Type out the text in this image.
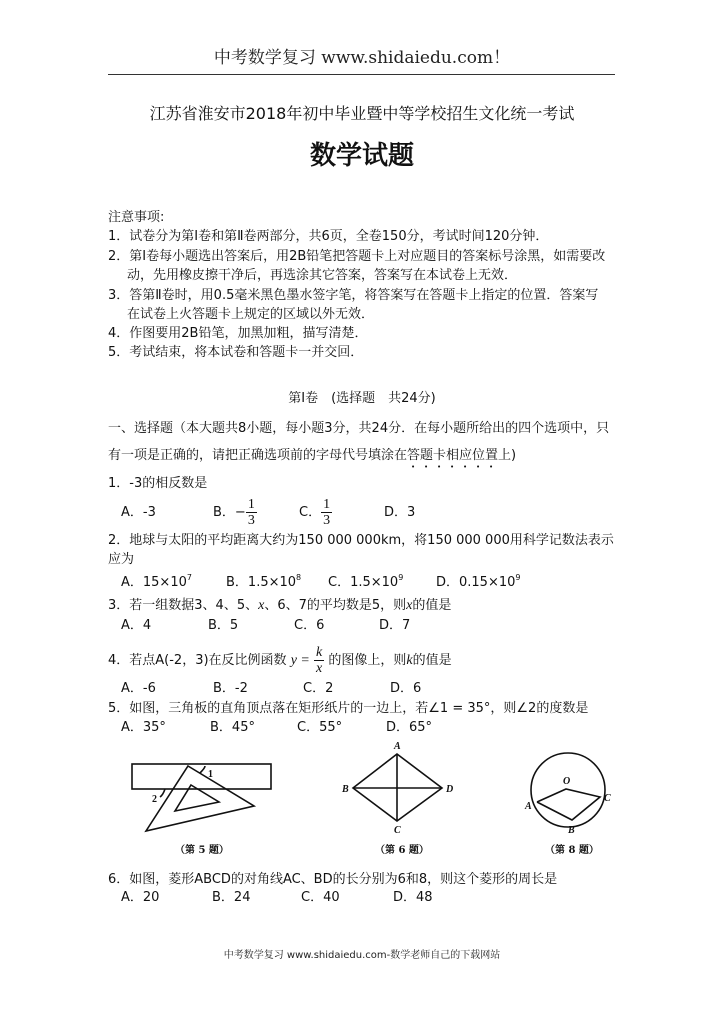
中考数学复习 www.shidaiedu.com！
江苏省淮安市2018年初中毕业暨中等学校招生文化统一考试
数学试题
注意事项:
1．试卷分为第Ⅰ卷和第Ⅱ卷两部分，共6页，全卷150分，考试时间120分钟．
2．第Ⅰ卷每小题选出答案后，用2B铅笔把答题卡上对应题目的答案标号涂黑，如需要改
动，先用橡皮擦干净后，再选涂其它答案，答案写在本试卷上无效．
3．答第Ⅱ卷时，用0.5毫米黑色墨水签字笔，将答案写在答题卡上指定的位置．答案写
在试卷上火答题卡上规定的区域以外无效．
4．作图要用2B铅笔，加黑加粗，描写清楚．
5．考试结束，将本试卷和答题卡一并交回．
第Ⅰ卷　(选择题　共24分)
一、选择题（本大题共8小题，每小题3分，共24分．在每小题所给出的四个选项中，只
有一项是正确的，请把正确选项前的字母代号填涂在答题卡相应位置上)
1．-3的相反数是
A．-3	B．− $\frac{1}{3}$	C． $\frac{1}{3}$	D．3
2．地球与太阳的平均距离大约为150 000 000km，将150 000 000用科学记数法表示
应为
A．$15\times 10^7$	B．$1.5\times 10^8$ C．$1.5\times 10^9$	D．$0.15\times 10^9$
3．若一组数据3、4、5、x、6、7的平均数是5，则x的值是
A．4	B．5	C．6	D．7
4．若点A(-2，3)在反比例函数 $y = \frac{k}{x}$ 的图像上，则k的值是
A．-6	B．-2	C．2	D．6
5．如图，三角板的直角顶点落在矩形纸片的一边上，若∠1 = 35°，则∠2的度数是
A．35°	B．45°	C．55°	D．65°
1
2
（第 5 题）
A
B
C
D
（第 6 题）
O
A
B
C
（第 8 题）
6．如图，菱形ABCD的对角线AC、BD的长分别为6和8，则这个菱形的周长是
A．20	B．24	C．40	D．48
中考数学复习 www.shidaiedu.com-数学老师自己的下载网站
